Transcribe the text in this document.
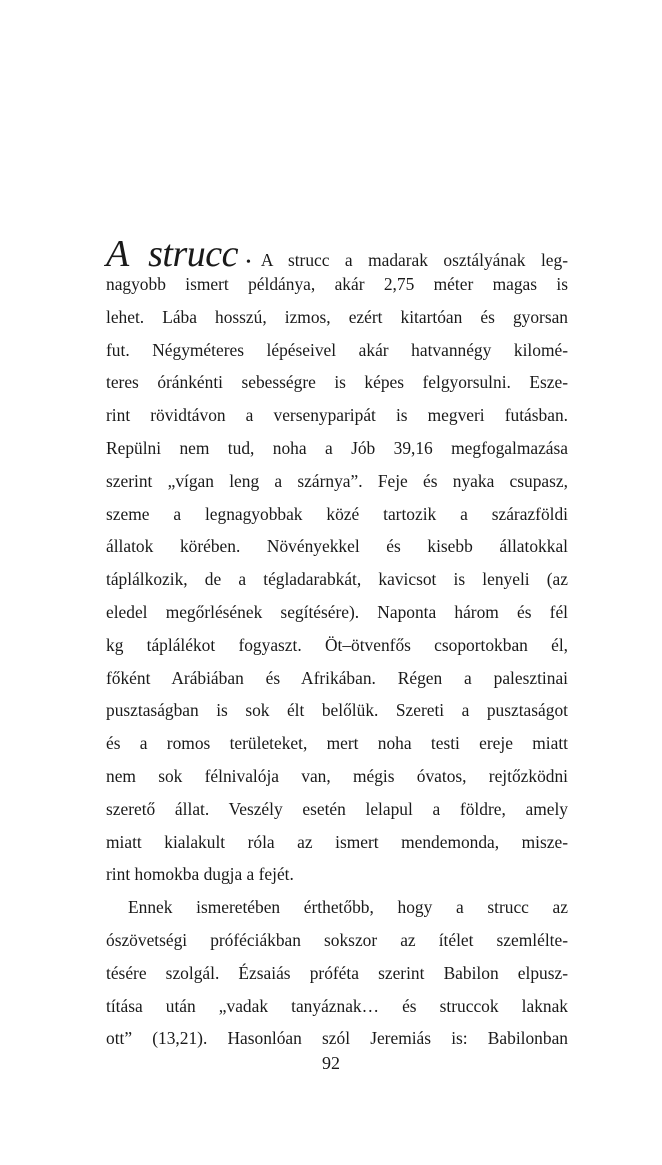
A strucc • A strucc a madarak osztályának leg-
nagyobb ismert példánya, akár 2,75 méter magas is
lehet. Lába hosszú, izmos, ezért kitartóan és gyorsan
fut. Négyméteres lépéseivel akár hatvannégy kilomé-
teres óránkénti sebességre is képes felgyorsulni. Esze-
rint rövidtávon a versenyparipát is megveri futásban.
Repülni nem tud, noha a Jób 39,16 megfogalmazása
szerint „vígan leng a szárnya”. Feje és nyaka csupasz,
szeme a legnagyobbak közé tartozik a szárazföldi
állatok körében. Növényekkel és kisebb állatokkal
táplálkozik, de a tégladarabkát, kavicsot is lenyeli (az
eledel megőrlésének segítésére). Naponta három és fél
kg táplálékot fogyaszt. Öt–ötvenfős csoportokban él,
főként Arábiában és Afrikában. Régen a palesztinai
pusztaságban is sok élt belőlük. Szereti a pusztaságot
és a romos területeket, mert noha testi ereje miatt
nem sok félnivalója van, mégis óvatos, rejtőzködni
szerető állat. Veszély esetén lelapul a földre, amely
miatt kialakult róla az ismert mendemonda, misze-
rint homokba dugja a fejét.
Ennek ismeretében érthetőbb, hogy a strucc az
ószövetségi próféciákban sokszor az ítélet szemlélte-
tésére szolgál. Ézsaiás próféta szerint Babilon elpusz-
títása után „vadak tanyáznak… és struccok laknak
ott” (13,21). Hasonlóan szól Jeremiás is: Babilonban
92
